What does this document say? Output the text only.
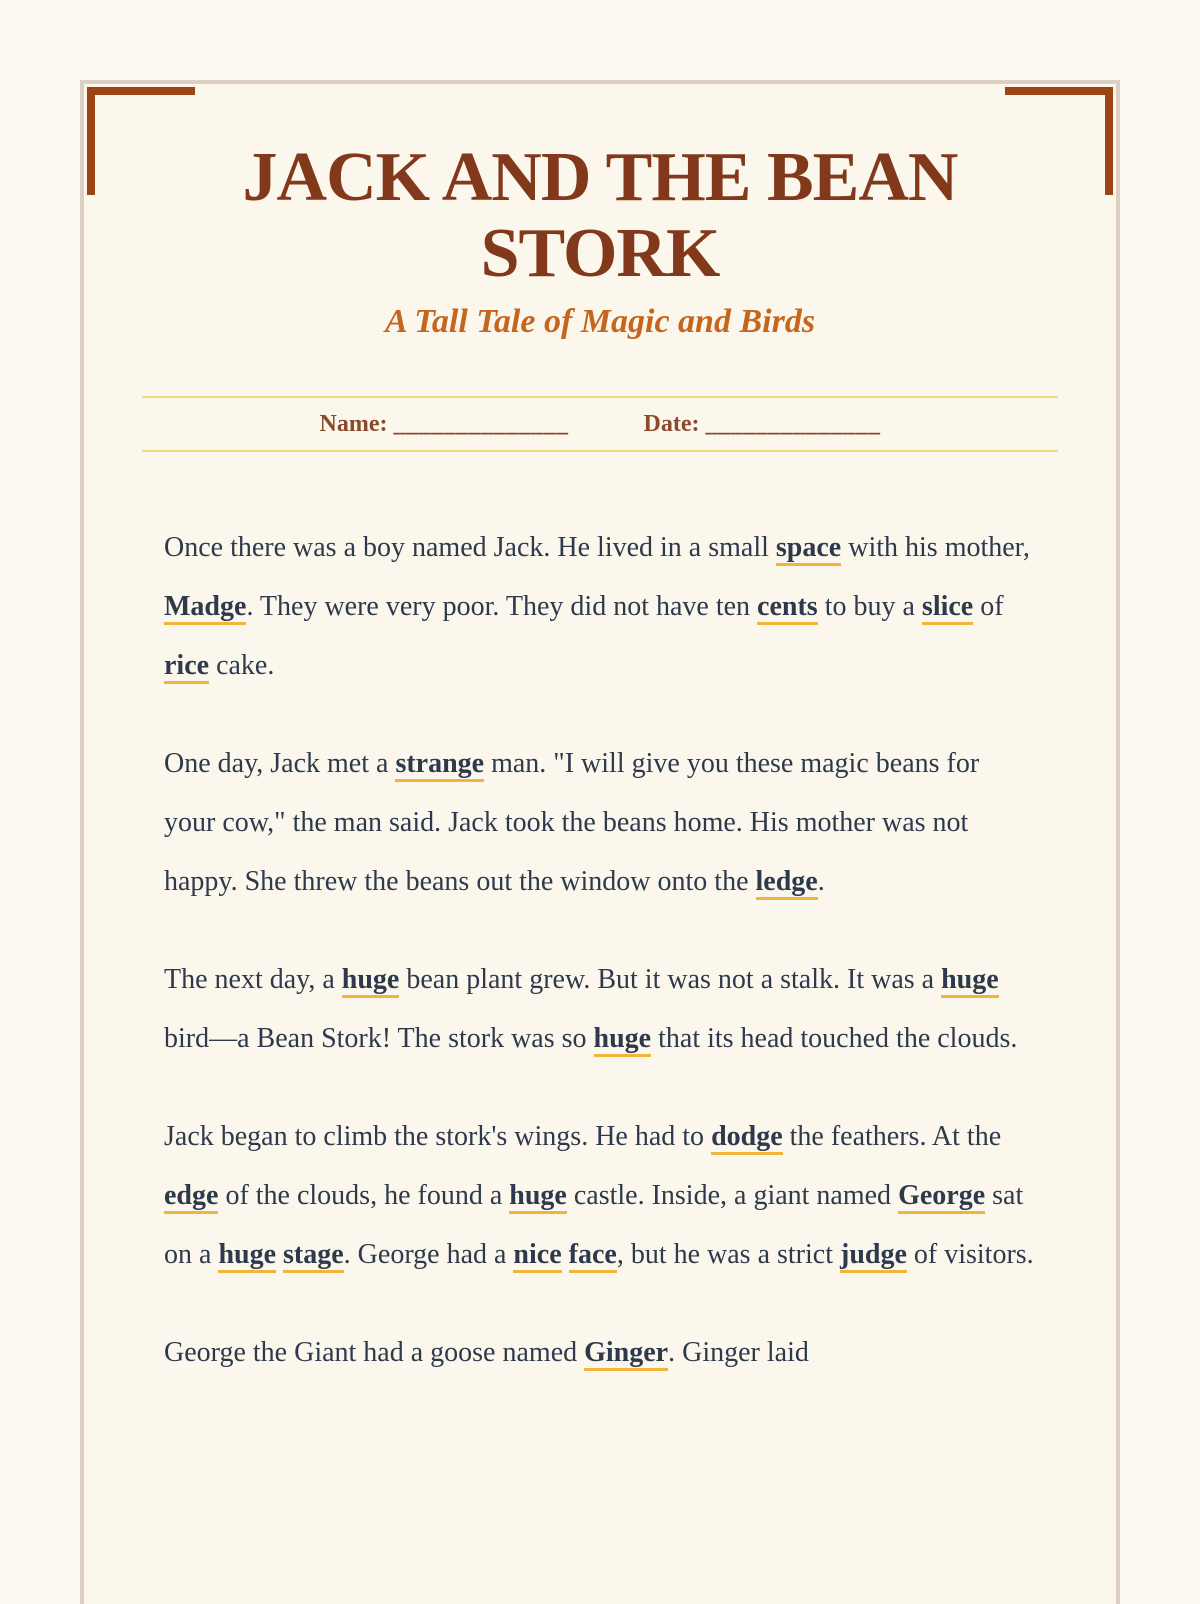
JACK AND THE BEAN
STORK
A Tall Tale of Magic and Birds
Name: ______________	Date: ______________

Once there was a boy named Jack. He lived in a small space with his mother, Madge. They were very poor. They did not have ten cents to buy a slice of rice cake.

One day, Jack met a strange man. "I will give you these magic beans for your cow," the man said. Jack took the beans home. His mother was not happy. She threw the beans out the window onto the ledge.

The next day, a huge bean plant grew. But it was not a stalk. It was a huge bird—a Bean Stork! The stork was so huge that its head touched the clouds.

Jack began to climb the stork's wings. He had to dodge the feathers. At the edge of the clouds, he found a huge castle. Inside, a giant named George sat on a huge stage. George had a nice face, but he was a strict judge of visitors.

George the Giant had a goose named Ginger. Ginger laid
